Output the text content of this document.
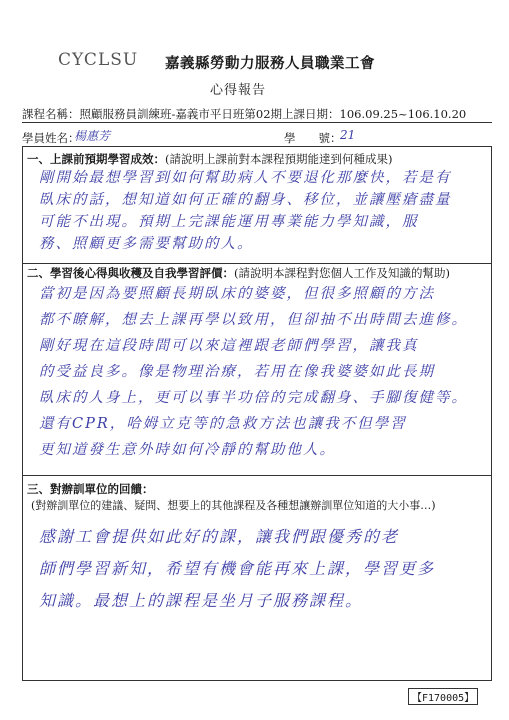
CYCLSU	嘉義縣勞動力服務人員職業工會
心得報告
課程名稱：照顧服務員訓練班-嘉義市平日班第02期上課日期：106.09.25~106.10.20
學員姓名：
楊惠芳	學　　號：
21
一、上課前預期學習成效：(請說明上課前對本課程預期能達到何種成果)
剛開始最想學習到如何幫助病人不要退化那麼快，若是有
臥床的話，想知道如何正確的翻身、移位，並讓壓瘡盡量
可能不出現。預期上完課能運用專業能力學知識，服
務、照顧更多需要幫助的人。
二、學習後心得與收穫及自我學習評價：(請說明本課程對您個人工作及知識的幫助)
當初是因為要照顧長期臥床的婆婆，但很多照顧的方法
都不瞭解，想去上課再學以致用，但卻抽不出時間去進修。
剛好現在這段時間可以來這裡跟老師們學習，讓我真
的受益良多。像是物理治療，若用在像我婆婆如此長期
臥床的人身上，更可以事半功倍的完成翻身、手腳復健等。
還有CPR，哈姆立克等的急救方法也讓我不但學習
更知道發生意外時如何冷靜的幫助他人。
三、對辦訓單位的回饋：
(對辦訓單位的建議、疑問、想要上的其他課程及各種想讓辦訓單位知道的大小事…)
感謝工會提供如此好的課，讓我們跟優秀的老
師們學習新知，希望有機會能再來上課，學習更多
知識。最想上的課程是坐月子服務課程。
【F170005】
